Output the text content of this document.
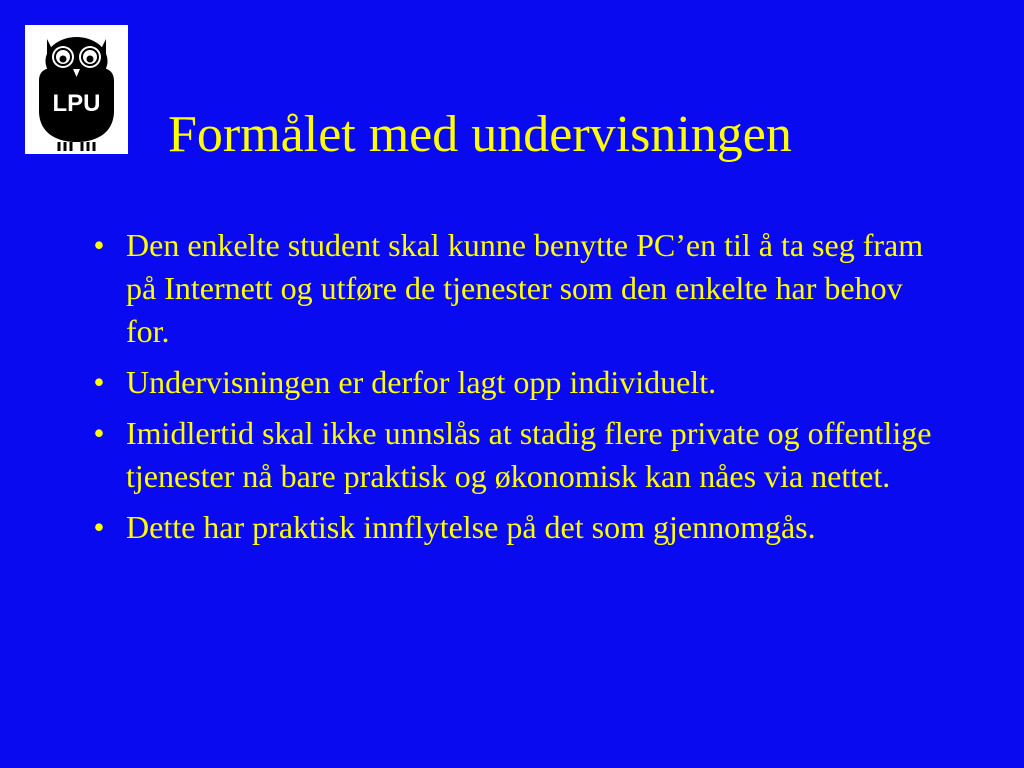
LPU
Formålet med undervisningen
• Den enkelte student skal kunne benytte PC’en til å ta seg fram på Internett og utføre de tjenester som den enkelte har behov for.
• Undervisningen er derfor lagt opp individuelt.
• Imidlertid skal ikke unnslås at stadig flere private og offentlige tjenester nå bare praktisk og økonomisk kan nåes via nettet.
• Dette har praktisk innflytelse på det som gjennomgås.
